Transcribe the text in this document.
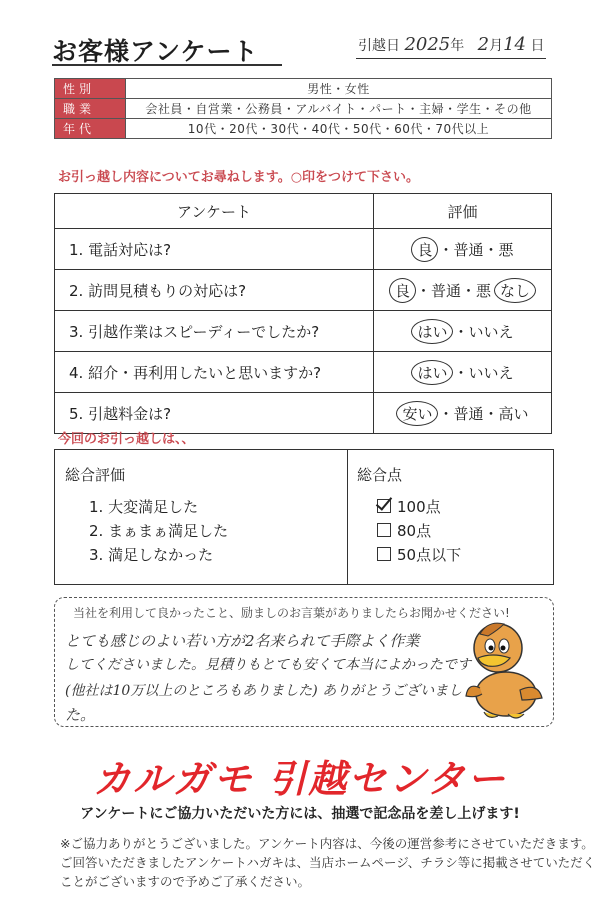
お客様アンケート	引越日 2025年 2月14 日
性別	男性・女性
職業	会社員・自営業・公務員・アルバイト・パート・主婦・学生・その他
年代	10代・20代・30代・40代・50代・60代・70代以上
お引っ越し内容についてお尋ねします。○印をつけて下さい。
アンケート	評価
1. 電話対応は?	良 ・普通・悪
2. 訪問見積もりの対応は?	良 ・普通・悪 なし
3. 引越作業はスピーディーでしたか?	はい ・いいえ
4. 紹介・再利用したいと思いますか?	はい ・いいえ
5. 引越料金は?	安い ・普通・高い
今回のお引っ越しは、、
総合評価
1. 大変満足した
2. まぁまぁ満足した
3. 満足しなかった
総合点
100点
80点
50点以下
当社を利用して良かったこと、励ましのお言葉がありましたらお聞かせください!
とても感じのよい若い方が2名来られて手際よく作業
してくださいました。見積りもとても安くて本当によかったです
(他社は10万以上のところもありました) ありがとうございまし
た。
カルガモ 引越センター
アンケートにご協力いただいた方には、抽選で記念品を差し上げます!
※ご協力ありがとうございました。アンケート内容は、今後の運営参考にさせていただきます。
ご回答いただきましたアンケートハガキは、当店ホームページ、チラシ等に掲載させていただく
ことがございますので予めご了承ください。
